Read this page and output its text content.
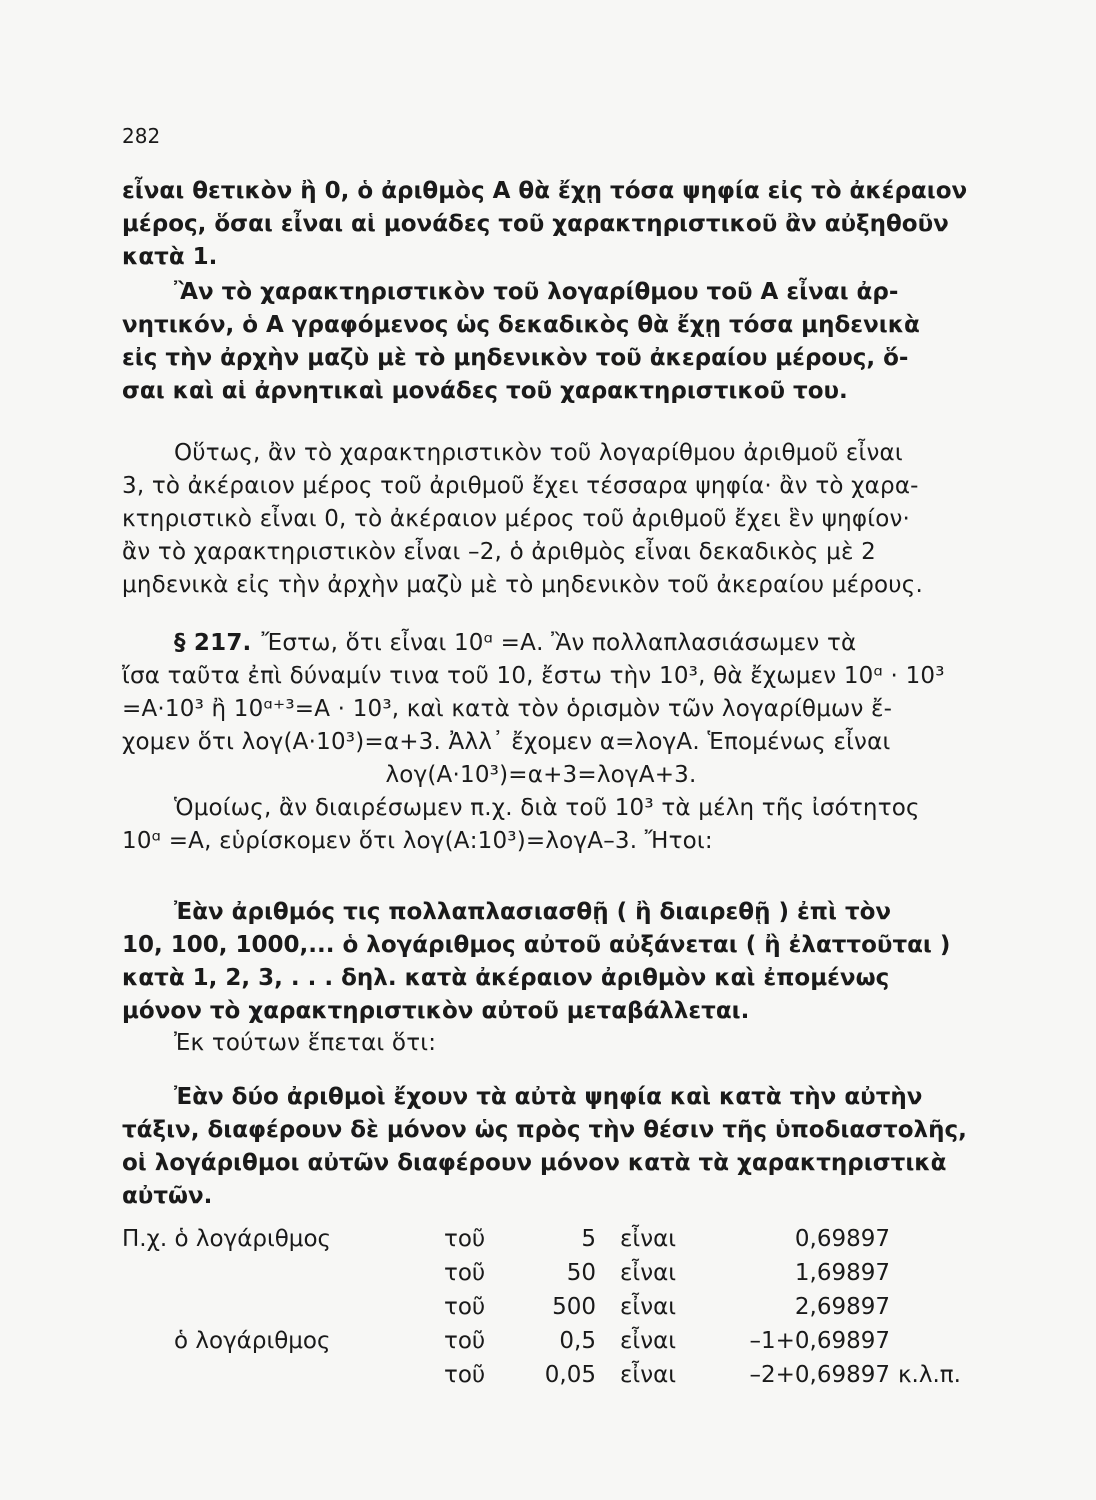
282
εἶναι θετικὸν ἢ 0, ὁ ἀριθμὸς Α θὰ ἔχῃ τόσα ψηφία εἰς τὸ ἀκέραιον
μέρος, ὅσαι εἶναι αἱ μονάδες τοῦ χαρακτηριστικοῦ ἂν αὐξηθοῦν
κατὰ 1.
Ἂν τὸ χαρακτηριστικὸν τοῦ λογαρίθμου τοῦ Α εἶναι ἀρ-
νητικόν, ὁ Α γραφόμενος ὡς δεκαδικὸς θὰ ἔχῃ τόσα μηδενικὰ
εἰς τὴν ἀρχὴν μαζὺ μὲ τὸ μηδενικὸν τοῦ ἀκεραίου μέρους, ὅ-
σαι καὶ αἱ ἀρνητικαὶ μονάδες τοῦ χαρακτηριστικοῦ του.
Οὕτως, ἂν τὸ χαρακτηριστικὸν τοῦ λογαρίθμου ἀριθμοῦ εἶναι
3, τὸ ἀκέραιον μέρος τοῦ ἀριθμοῦ ἔχει τέσσαρα ψηφία· ἂν τὸ χαρα-
κτηριστικὸ εἶναι 0, τὸ ἀκέραιον μέρος τοῦ ἀριθμοῦ ἔχει ἓν ψηφίον·
ἂν τὸ χαρακτηριστικὸν εἶναι –2, ὁ ἀριθμὸς εἶναι δεκαδικὸς μὲ 2
μηδενικὰ εἰς τὴν ἀρχὴν μαζὺ μὲ τὸ μηδενικὸν τοῦ ἀκεραίου μέρους.
§ 217. Ἔστω, ὅτι εἶναι 10ᵅ =Α. Ἂν πολλαπλασιάσωμεν τὰ
ἴσα ταῦτα ἐπὶ δύναμίν τινα τοῦ 10, ἔστω τὴν 10³, θὰ ἔχωμεν 10ᵅ · 10³
=Α·10³ ἢ 10ᵅ⁺³=Α · 10³, καὶ κατὰ τὸν ὁρισμὸν τῶν λογαρίθμων ἔ-
χομεν ὅτι λογ(Α·10³)=α+3. Ἀλλ᾽ ἔχομεν α=λογΑ. Ἑπομένως εἶναι
λογ(Α·10³)=α+3=λογΑ+3.
Ὁμοίως, ἂν διαιρέσωμεν π.χ. διὰ τοῦ 10³ τὰ μέλη τῆς ἰσότητος
10ᵅ =Α, εὑρίσκομεν ὅτι λογ(Α:10³)=λογΑ–3. Ἤτοι:
Ἐὰν ἀριθμός τις πολλαπλασιασθῇ ( ἢ διαιρεθῇ ) ἐπὶ τὸν
10, 100, 1000,... ὁ λογάριθμος αὐτοῦ αὐξάνεται ( ἢ ἐλαττοῦται )
κατὰ 1, 2, 3, . . . δηλ. κατὰ ἀκέραιον ἀριθμὸν καὶ ἐπομένως
μόνον τὸ χαρακτηριστικὸν αὐτοῦ μεταβάλλεται.
Ἐκ τούτων ἕπεται ὅτι:
Ἐὰν δύο ἀριθμοὶ ἔχουν τὰ αὐτὰ ψηφία καὶ κατὰ τὴν αὐτὴν
τάξιν, διαφέρουν δὲ μόνον ὡς πρὸς τὴν θέσιν τῆς ὑποδιαστολῆς,
οἱ λογάριθμοι αὐτῶν διαφέρουν μόνον κατὰ τὰ χαρακτηριστικὰ
αὐτῶν.
Π.χ. ὁ λογάριθμος	τοῦ	5	εἶναι	0,69897	
	τοῦ	50	εἶναι	1,69897	
	τοῦ	500	εἶναι	2,69897	
ὁ λογάριθμος	τοῦ	0,5	εἶναι	–1+0,69897	
	τοῦ	0,05	εἶναι	–2+0,69897	κ.λ.π.
